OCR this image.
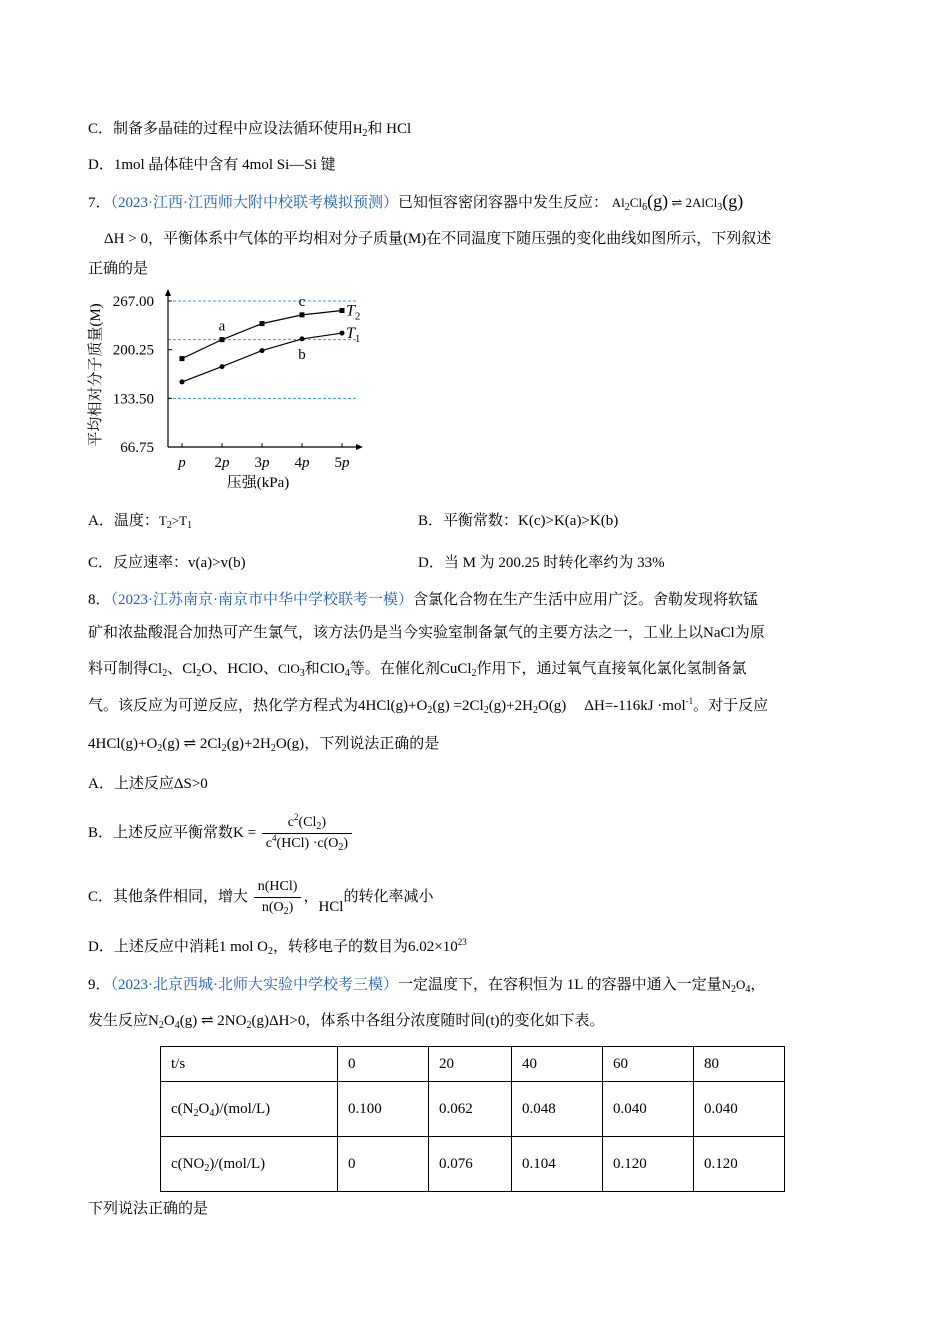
C．制备多晶硅的过程中应设法循环使用$H_2$和 HCl
D．1mol 晶体硅中含有 4mol Si—Si 键
7．（2023·江西·江西师大附中校联考模拟预测）已知恒容密闭容器中发生反应： $Al_2Cl_6(g)$ ⇌ 2AlCl$_3$(g)
ΔH > 0，平衡体系中气体的平均相对分子质量(M)在不同温度下随压强的变化曲线如图所示，下列叙述
正确的是
267.00
200.25
133.50
66.75
p 2p 3p 4p 5p
平均相对分子质量(M)
压强(kPa)
$T_2$
$T_1$
a
b
c
A．温度：$T_2>T_1$	B．平衡常数：K(c)>K(a)>K(b)
C．反应速率：v(a)>v(b)	D．当 M 为 200.25 时转化率约为 33%
8．（2023·江苏南京·南京市中华中学校联考一模）含氯化合物在生产生活中应用广泛。舍勒发现将软锰
矿和浓盐酸混合加热可产生氯气，该方法仍是当今实验室制备氯气的主要方法之一，工业上以NaCl为原
料可制得$Cl_2$、$Cl_2O$、HClO、ClO$_3$和ClO$_4$等。在催化剂CuCl$_2$作用下，通过氧气直接氧化氯化氢制备氯
气。该反应为可逆反应，热化学方程式为$4HCl(g)+O_2(g) =2Cl_2(g)+2H_2O(g)$ ΔH=-116kJ ·mol$^{-1}$。对于反应
$4HCl(g)+O_2(g)$ ⇌ $2Cl_2(g)+2H_2O(g)$，下列说法正确的是
A．上述反应ΔS>0
B．上述反应平衡常数$K = \frac{c^2(Cl_2)}{c^4(HCl) \cdot c(O_2)}$
C．其他条件相同，增大 $\frac{\text{n(HCl)}}{n(O_2)}$ ，HCl的转化率减小
D．上述反应中消耗1 mol $O_2$，转移电子的数目为$6.02\times 10^{23}$
9．（2023·北京西城·北师大实验中学校考三模）一定温度下，在容积恒为 1L 的容器中通入一定量$N_2O_4$，
发生反应$N_2O_4(g)$ ⇌ $2NO_2(g)\Delta H>0$，体系中各组分浓度随时间(t)的变化如下表。
t/s	0	20	40	60	80
$c(N_2O_4)/(mol/L)$	0.100	0.062	0.048	0.040	0.040
$c(NO_2)/(mol/L)$	0	0.076	0.104	0.120	0.120
下列说法正确的是
